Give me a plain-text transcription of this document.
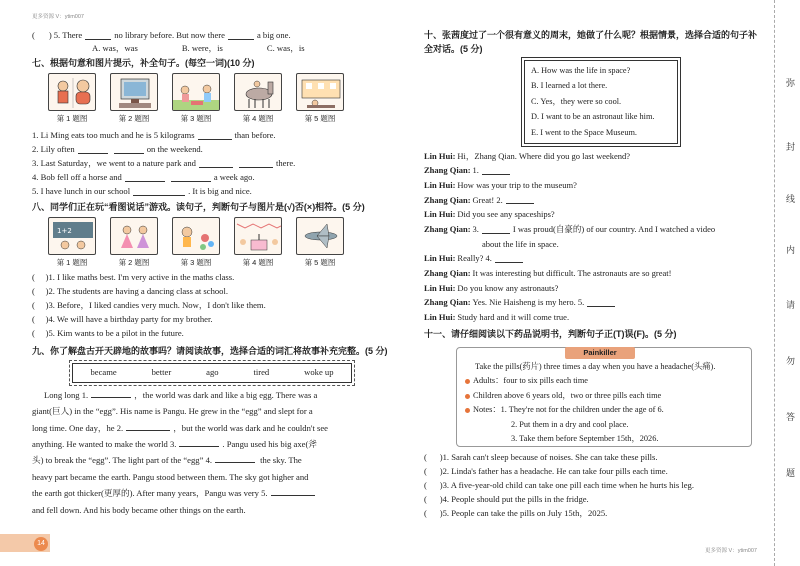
更多资源 V：ytim007
更多资源 V：ytim007
( ) 5. There	no library before. But now there	a big one.
A. was，was	B. were，is	C. was，is
七、根据句意和图片提示，补全句子。(每空一词)(10 分)
第 1 题图	第 2 题图	第 3 题图	第 4 题图	第 5 题图
1. Li Ming eats too much and he is 5 kilograms	than before.
2. Lily often	on the weekend.
3. Last Saturday，we went to a nature park and	there.
4. Bob fell off a horse and	a week ago.
5. I have lunch in our school	. It is big and nice.
八、同学们正在玩“看图说话”游戏。读句子，判断句子与图片是(√)否(×)相符。(5 分)
1+2
第 1 题图	第 2 题图	第 3 题图	第 4 题图	第 5 题图
(     ) 1. I like maths best. I'm very active in the maths class.
(     ) 2. The students are having a dancing class at school.
(     ) 3. Before，I liked candies very much. Now，I don't like them.
(     ) 4. We will have a birthday party for my brother.
(     ) 5. Kim wants to be a pilot in the future.
九、你了解盘古开天辟地的故事吗？请阅读故事，选择合适的词汇将故事补充完整。(5 分)
became	better	ago	tired	woke up
Long long 1.	，the world was dark and like a big egg. There was a
giant(巨人) in the “egg”. His name is Pangu. He grew in the “egg” and slept for a
long time. One day，he 2.	，but the world was dark and he couldn't see
anything. He wanted to make the world 3.	. Pangu used his big axe(斧
头) to break the “egg”. The light part of the “egg” 4.	the sky. The
heavy part became the earth. Pangu stood between them. The sky got higher and
the earth got thicker(更厚的). After many years，Pangu was very 5.
and fell down. And his body became other things on the earth.
十、张茜度过了一个很有意义的周末，她做了什么呢？根据情景，选择合适的句子补全对话。(5 分)
A. How was the life in space?
B. I learned a lot there.
C. Yes，they were so cool.
D. I want to be an astronaut like him.
E. I went to the Space Museum.
Lin Hui: Hi，Zhang Qian. Where did you go last weekend?
Zhang Qian: 1.
Lin Hui: How was your trip to the museum?
Zhang Qian: Great! 2.
Lin Hui: Did you see any spaceships?
Zhang Qian: 3.	I was proud(自豪的) of our country. And I watched a video
about the life in space.
Lin Hui: Really? 4.
Zhang Qian: It was interesting but difficult. The astronauts are so great!
Lin Hui: Do you know any astronauts?
Zhang Qian: Yes. Nie Haisheng is my hero. 5.
Lin Hui: Study hard and it will come true.
十一、请仔细阅读以下药品说明书，判断句子正(T)误(F)。(5 分)
Painkiller
Take the pills(药片) three times a day when you have a headache(头痛).
Adults：four to six pills each time
Children above 6 years old，two or three pills each time
Notes：1. They're not for the children under the age of 6.
2. Put them in a dry and cool place.
3. Take them before September 15th，2026.
(      ) 1. Sarah can't sleep because of noises. She can take these pills.
(      ) 2. Linda's father has a headache. He can take four pills each time.
(      ) 3. A five-year-old child can take one pill each time when he hurts his leg.
(      ) 4. People should put the pills in the fridge.
(      ) 5. People can take the pills on July 15th，2025.
弥
封
线
内
请
勿
答
题
14
